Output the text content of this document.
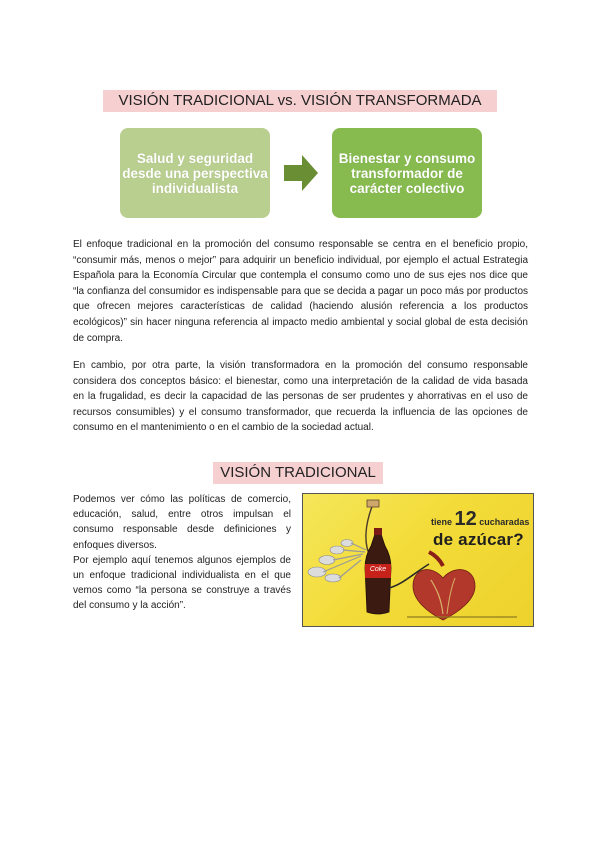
VISIÓN TRADICIONAL vs. VISIÓN TRANSFORMADA
Salud y seguridad desde una perspectiva individualista
Bienestar y consumo transformador de carácter colectivo

El enfoque tradicional en la promoción del consumo responsable se centra en el beneficio propio, “consumir más, menos o mejor” para adquirir un beneficio individual, por ejemplo el actual Estrategia Española para la Economía Circular que contempla el consumo como uno de sus ejes nos dice que “la confianza del consumidor es indispensable para que se decida a pagar un poco más por productos que ofrecen mejores características de calidad (haciendo alusión referencia a los productos ecológicos)” sin hacer ninguna referencia al impacto medio ambiental y social global de esta decisión de compra.

En cambio, por otra parte, la visión transformadora en la promoción del consumo responsable considera dos conceptos básico: el bienestar, como una interpretación de la calidad de vida basada en la frugalidad, es decir la capacidad de las personas de ser prudentes y ahorrativas en el uso de recursos consumibles) y el consumo transformador, que recuerda la influencia de las opciones de consumo en el mantenimiento o en el cambio de la sociedad actual.

VISIÓN TRADICIONAL

Podemos ver cómo las políticas de comercio, educación, salud, entre otros impulsan el consumo responsable desde definiciones y enfoques diversos.
Por ejemplo aquí tenemos algunos ejemplos de un enfoque tradicional individualista en el que vemos como “la persona se construye a través del consumo y la acción”.

tiene 12 cucharadas
de azúcar?
Coke
